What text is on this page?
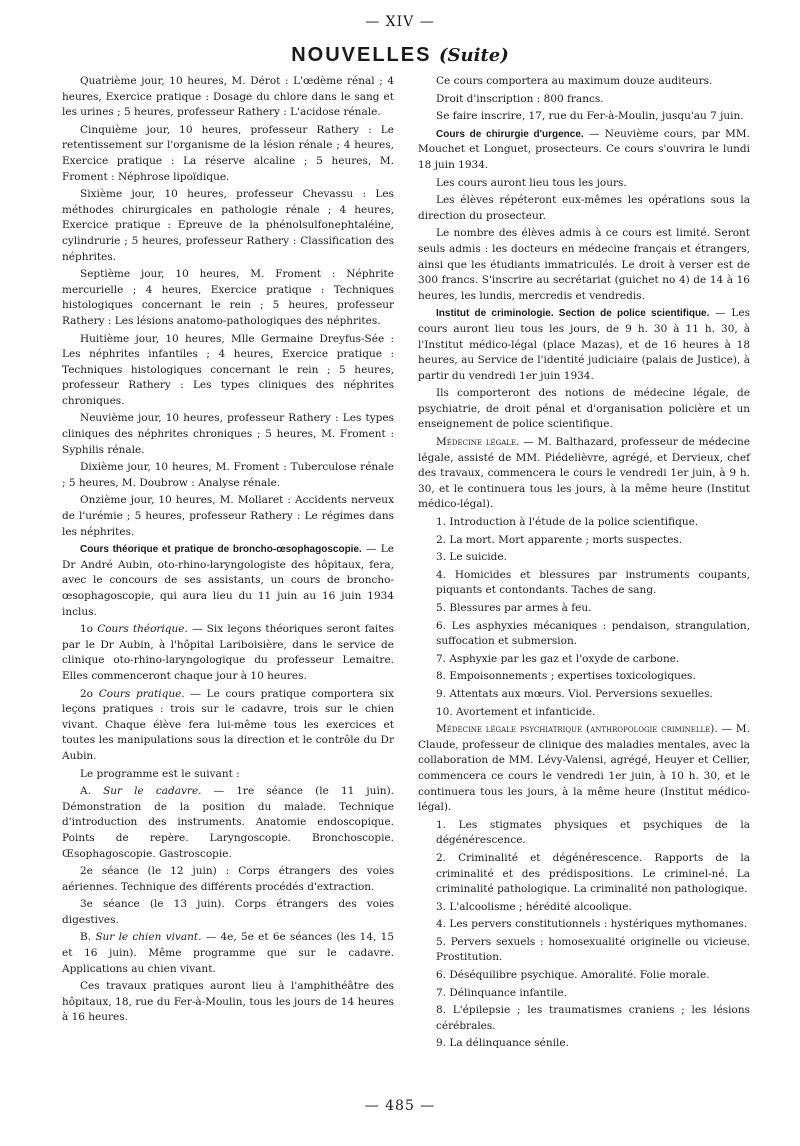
— XIV —
NOUVELLES (Suite)

Quatrième jour, 10 heures, M. Dérot : L'œdème rénal ; 4 heures, Exercice pratique : Dosage du chlore dans le sang et les urines ; 5 heures, professeur Rathery : L'acidose rénale.

Cinquième jour, 10 heures, professeur Rathery : Le retentissement sur l'organisme de la lésion rénale ; 4 heures, Exercice pratique : La réserve alcaline ; 5 heures, M. Froment : Néphrose lipoïdique.

Sixième jour, 10 heures, professeur Chevassu : Les méthodes chirurgicales en pathologie rénale ; 4 heures, Exercice pratique : Epreuve de la phénolsulfonephtaléine, cylindrurie ; 5 heures, professeur Rathery : Classification des néphrites.

Septième jour, 10 heures, M. Froment : Néphrite mercurielle ; 4 heures, Exercice pratique : Techniques histologiques concernant le rein ; 5 heures, professeur Rathery : Les lésions anatomo-pathologiques des néphrites.

Huitième jour, 10 heures, Mlle Germaine Dreyfus-Sée : Les néphrites infantiles ; 4 heures, Exercice pratique : Techniques histologiques concernant le rein ; 5 heures, professeur Rathery : Les types cliniques des néphrites chroniques.

Neuvième jour, 10 heures, professeur Rathery : Les types cliniques des néphrites chroniques ; 5 heures, M. Froment : Syphilis rénale.

Dixième jour, 10 heures, M. Froment : Tuberculose rénale ; 5 heures, M. Doubrow : Analyse rénale.

Onzième jour, 10 heures, M. Mollaret : Accidents nerveux de l'urémie ; 5 heures, professeur Rathery : Le régimes dans les néphrites.

Cours théorique et pratique de broncho-œsophagoscopie. — Le Dr André Aubin, oto-rhino-laryngologiste des hôpitaux, fera, avec le concours de ses assistants, un cours de broncho-œsophagoscopie, qui aura lieu du 11 juin au 16 juin 1934 inclus.

1o Cours théorique. — Six leçons théoriques seront faites par le Dr Aubin, à l'hôpital Lariboisière, dans le service de clinique oto-rhino-laryngologique du professeur Lemaitre. Elles commenceront chaque jour à 10 heures.

2o Cours pratique. — Le cours pratique comportera six leçons pratiques : trois sur le cadavre, trois sur le chien vivant. Chaque élève fera lui-même tous les exercices et toutes les manipulations sous la direction et le contrôle du Dr Aubin.

Le programme est le suivant :

A. Sur le cadavre. — 1re séance (le 11 juin). Démonstration de la position du malade. Technique d'introduction des instruments. Anatomie endoscopique. Points de repère. Laryngoscopie. Bronchoscopie. Œsophagoscopie. Gastroscopie.

2e séance (le 12 juin) : Corps étrangers des voies aériennes. Technique des différents procédés d'extraction.

3e séance (le 13 juin). Corps étrangers des voies digestives.

B. Sur le chien vivant. — 4e, 5e et 6e séances (les 14, 15 et 16 juin). Même programme que sur le cadavre. Applications au chien vivant.

Ces travaux pratiques auront lieu à l'amphithéâtre des hôpitaux, 18, rue du Fer-à-Moulin, tous les jours de 14 heures à 16 heures.

Ce cours comportera au maximum douze auditeurs.

Droit d'inscription : 800 francs.

Se faire inscrire, 17, rue du Fer-à-Moulin, jusqu'au 7 juin.

Cours de chirurgie d'urgence. — Neuvième cours, par MM. Mouchet et Longuet, prosecteurs. Ce cours s'ouvrira le lundi 18 juin 1934.

Les cours auront lieu tous les jours.

Les élèves répéteront eux-mêmes les opérations sous la direction du prosecteur.

Le nombre des élèves admis à ce cours est limité. Seront seuls admis : les docteurs en médecine français et étrangers, ainsi que les étudiants immatriculés. Le droit à verser est de 300 francs. S'inscrire au secrétariat (guichet no 4) de 14 à 16 heures, les lundis, mercredis et vendredis.

Institut de criminologie. Section de police scientifique. — Les cours auront lieu tous les jours, de 9 h. 30 à 11 h. 30, à l'Institut médico-légal (place Mazas), et de 16 heures à 18 heures, au Service de l'identité judiciaire (palais de Justice), à partir du vendredi 1er juin 1934.

Ils comporteront des notions de médecine légale, de psychiatrie, de droit pénal et d'organisation policière et un enseignement de police scientifique.

Médecine légale. — M. Balthazard, professeur de médecine légale, assisté de MM. Piédelièvre, agrégé, et Dervieux, chef des travaux, commencera le cours le vendredi 1er juin, à 9 h. 30, et le continuera tous les jours, à la même heure (Institut médico-légal).

1. Introduction à l'étude de la police scientifique.

2. La mort. Mort apparente ; morts suspectes.

3. Le suicide.

4. Homicides et blessures par instruments coupants, piquants et contondants. Taches de sang.

5. Blessures par armes à feu.

6. Les asphyxies mécaniques : pendaison, strangulation, suffocation et submersion.

7. Asphyxie par les gaz et l'oxyde de carbone.

8. Empoisonnements ; expertises toxicologiques.

9. Attentats aux mœurs. Viol. Perversions sexuelles.

10. Avortement et infanticide.

Médecine légale psychiatrique (anthropologie criminelle). — M. Claude, professeur de clinique des maladies mentales, avec la collaboration de MM. Lévy-Valensi, agrégé, Heuyer et Cellier, commencera ce cours le vendredi 1er juin, à 10 h. 30, et le continuera tous les jours, à la même heure (Institut médico-légal).

1. Les stigmates physiques et psychiques de la dégénérescence.

2. Criminalité et dégénérescence. Rapports de la criminalité et des prédispositions. Le criminel-né. La criminalité pathologique. La criminalité non pathologique.

3. L'alcoolisme ; hérédité alcoolique.

4. Les pervers constitutionnels : hystériques mythomanes.

5. Pervers sexuels : homosexualité originelle ou vicieuse. Prostitution.

6. Déséquilibre psychique. Amoralité. Folie morale.

7. Délinquance infantile.

8. L'épilepsie ; les traumatismes craniens ; les lésions cérébrales.

9. La délinquance sénile.

— 485 —
